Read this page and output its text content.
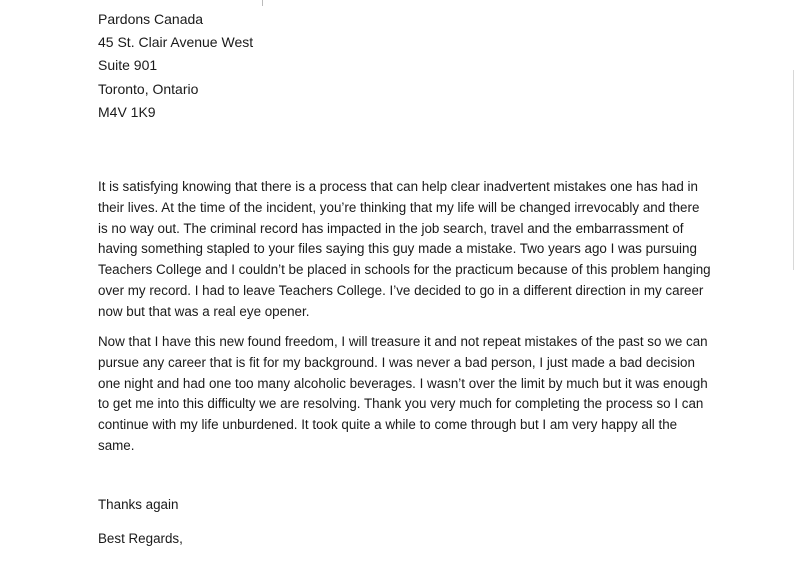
Pardons Canada
45 St. Clair Avenue West
Suite 901
Toronto, Ontario
M4V 1K9
It is satisfying knowing that there is a process that can help clear inadvertent mistakes one has had in
their lives. At the time of the incident, you’re thinking that my life will be changed irrevocably and there
is no way out. The criminal record has impacted in the job search, travel and the embarrassment of
having something stapled to your files saying this guy made a mistake. Two years ago I was pursuing
Teachers College and I couldn’t be placed in schools for the practicum because of this problem hanging
over my record. I had to leave Teachers College. I’ve decided to go in a different direction in my career
now but that was a real eye opener.
Now that I have this new found freedom, I will treasure it and not repeat mistakes of the past so we can
pursue any career that is fit for my background. I was never a bad person, I just made a bad decision
one night and had one too many alcoholic beverages. I wasn’t over the limit by much but it was enough
to get me into this difficulty we are resolving. Thank you very much for completing the process so I can
continue with my life unburdened. It took quite a while to come through but I am very happy all the
same.

Thanks again

Best Regards,
